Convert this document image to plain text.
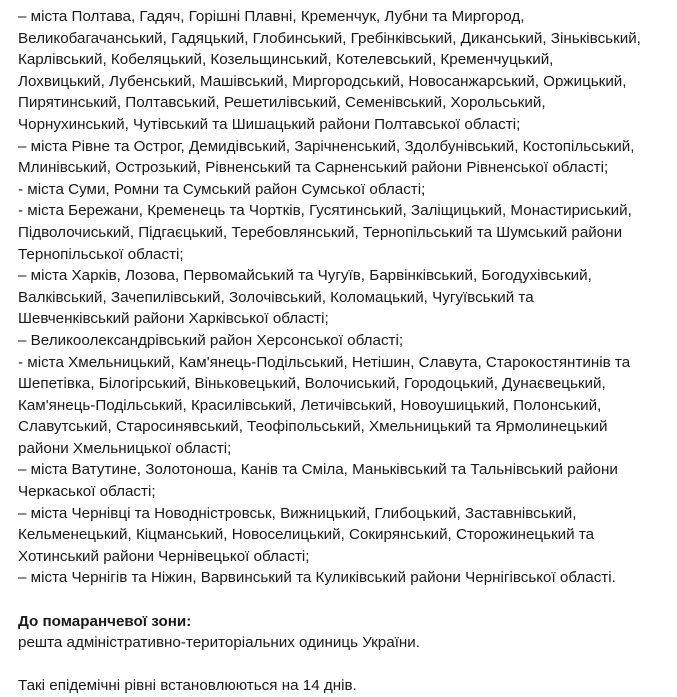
– міста Полтава, Гадяч, Горішні Плавні, Кременчук, Лубни та Миргород,
Великобагачанський, Гадяцький, Глобинський, Гребінківський, Диканський, Зіньківський,
Карлівський, Кобеляцький, Козельщинський, Котелевський, Кременчуцький,
Лохвицький, Лубенський, Машівський, Миргородський, Новосанжарський, Оржицький,
Пирятинський, Полтавський, Решетилівський, Семенівський, Хорольський,
Чорнухинський, Чутівський та Шишацький райони Полтавської області;
– міста Рівне та Острог, Демидівський, Зарічненський, Здолбунівський, Костопільський,
Млинівський, Острозький, Рівненський та Сарненський райони Рівненської області;
- міста Суми, Ромни та Сумський район Сумської області;
- міста Бережани, Кременець та Чортків, Гусятинський, Заліщицький, Монастириський,
Підволочиський, Підгаєцький, Теребовлянський, Тернопільський та Шумський райони
Тернопільської області;
– міста Харків, Лозова, Первомайський та Чугуїв, Барвінківський, Богодухівський,
Валківський, Зачепилівський, Золочівський, Коломацький, Чугуївський та
Шевченківський райони Харківської області;
– Великоолександрівський район Херсонської області;
- міста Хмельницький, Кам'янець-Подільський, Нетішин, Славута, Старокостянтинів та
Шепетівка, Білогірський, Віньковецький, Волочиський, Городоцький, Дунаєвецький,
Кам'янець-Подільський, Красилівський, Летичівський, Новоушицький, Полонський,
Славутський, Старосинявський, Теофіпольський, Хмельницький та Ярмолинецький
райони Хмельницької області;
– міста Ватутине, Золотоноша, Канів та Сміла, Маньківський та Тальнівський райони
Черкаської області;
– міста Чернівці та Новодністровськ, Вижницький, Глибоцький, Заставнівський,
Кельменецький, Кіцманський, Новоселицький, Сокирянський, Сторожинецький та
Хотинський райони Чернівецької області;
– міста Чернігів та Ніжин, Варвинський та Куликівський райони Чернігівської області.
До помаранчевої зони:
решта адміністративно-територіальних одиниць України.
Такі епідемічні рівні встановлюються на 14 днів.
